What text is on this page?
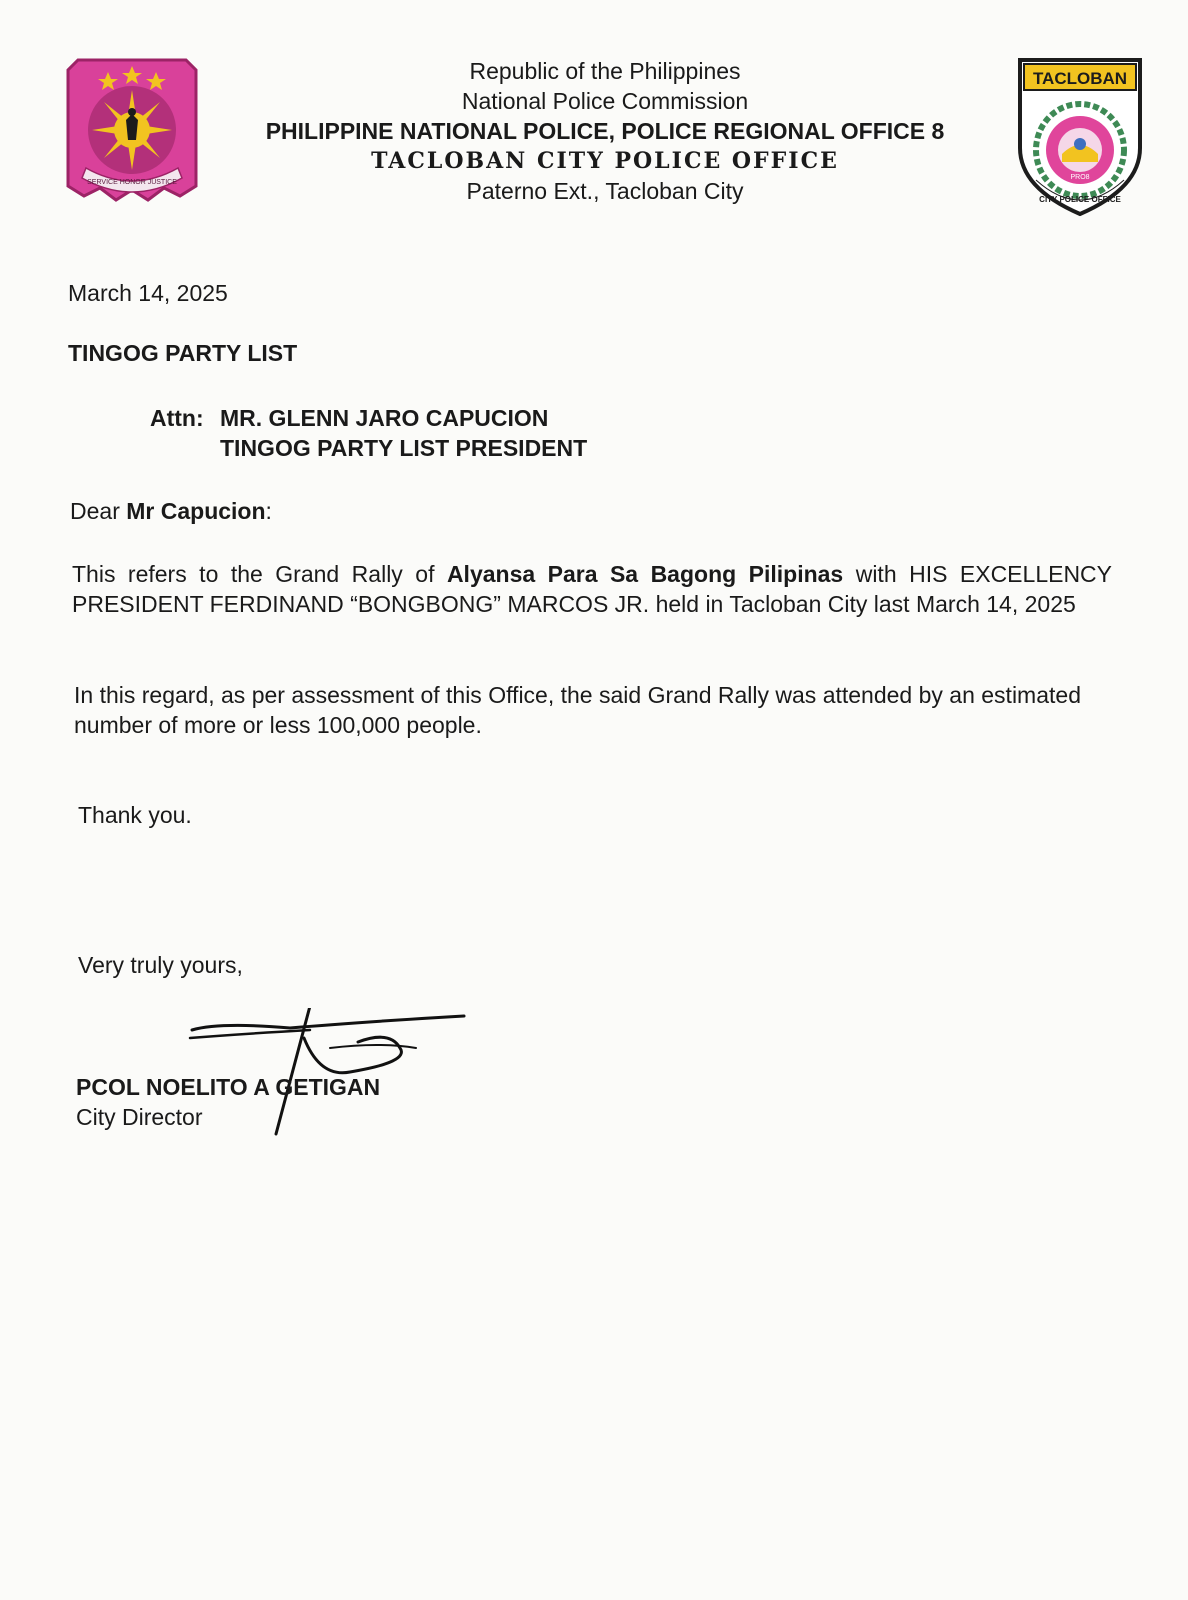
SERVICE HONOR JUSTICE
Republic of the Philippines
National Police Commission
PHILIPPINE NATIONAL POLICE, POLICE REGIONAL OFFICE 8
TACLOBAN CITY POLICE OFFICE
Paterno Ext., Tacloban City
TACLOBAN
PRO8
CITY POLICE OFFICE
March 14, 2025
TINGOG PARTY LIST
Attn: MR. GLENN JARO CAPUCION
TINGOG PARTY LIST PRESIDENT
Dear Mr Capucion:
This refers to the Grand Rally of Alyansa Para Sa Bagong Pilipinas with HIS EXCELLENCY PRESIDENT FERDINAND “BONGBONG” MARCOS JR. held in Tacloban City last March 14, 2025
In this regard, as per assessment of this Office, the said Grand Rally was attended by an estimated number of more or less 100,000 people.
Thank you.
Very truly yours,
PCOL NOELITO A GETIGAN
City Director
